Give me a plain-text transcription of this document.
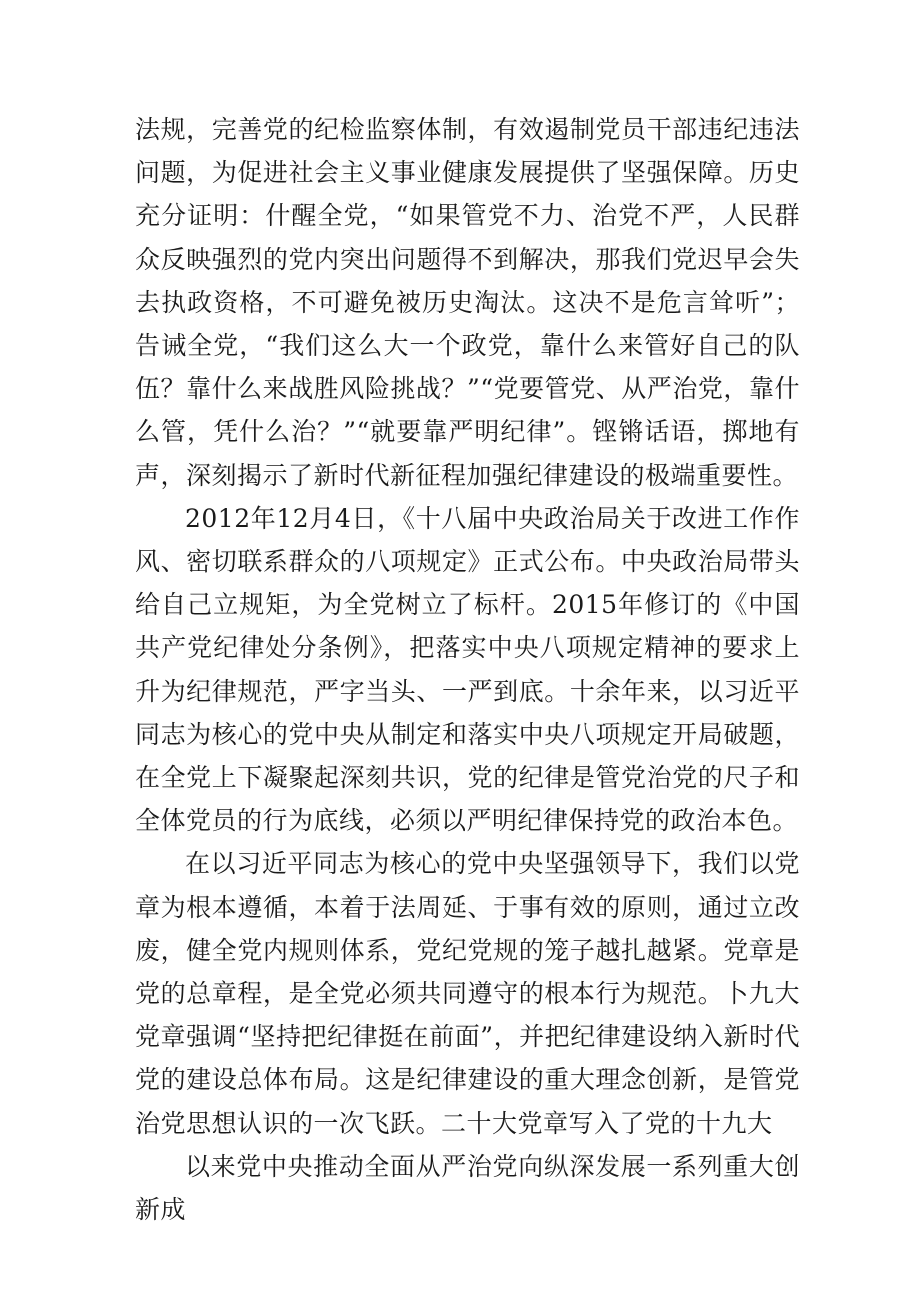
法规，完善党的纪检监察体制，有效遏制党员干部违纪违法问题，为促进社会主义事业健康发展提供了坚强保障。历史充分证明：什醒全党，“如果管党不力、治党不严，人民群众反映强烈的党内突出问题得不到解决，那我们党迟早会失去执政资格，不可避免被历史淘汰。这决不是危言耸听”；告诫全党，“我们这么大一个政党，靠什么来管好自己的队伍？靠什么来战胜风险挑战？”“党要管党、从严治党，靠什么管，凭什么治？”“就要靠严明纪律”。铿锵话语，掷地有声，深刻揭示了新时代新征程加强纪律建设的极端重要性。

2012年12月4日，《十八届中央政治局关于改进工作作风、密切联系群众的八项规定》正式公布。中央政治局带头给自己立规矩，为全党树立了标杆。2015年修订的《中国共产党纪律处分条例》，把落实中央八项规定精神的要求上升为纪律规范，严字当头、一严到底。十余年来，以习近平同志为核心的党中央从制定和落实中央八项规定开局破题，在全党上下凝聚起深刻共识，党的纪律是管党治党的尺子和全体党员的行为底线，必须以严明纪律保持党的政治本色。

在以习近平同志为核心的党中央坚强领导下，我们以党章为根本遵循，本着于法周延、于事有效的原则，通过立改废，健全党内规则体系，党纪党规的笼子越扎越紧。党章是党的总章程，是全党必须共同遵守的根本行为规范。卜九大党章强调“坚持把纪律挺在前面”，并把纪律建设纳入新时代党的建设总体布局。这是纪律建设的重大理念创新，是管党治党思想认识的一次飞跃。二十大党章写入了党的十九大

以来党中央推动全面从严治党向纵深发展一系列重大创新成
